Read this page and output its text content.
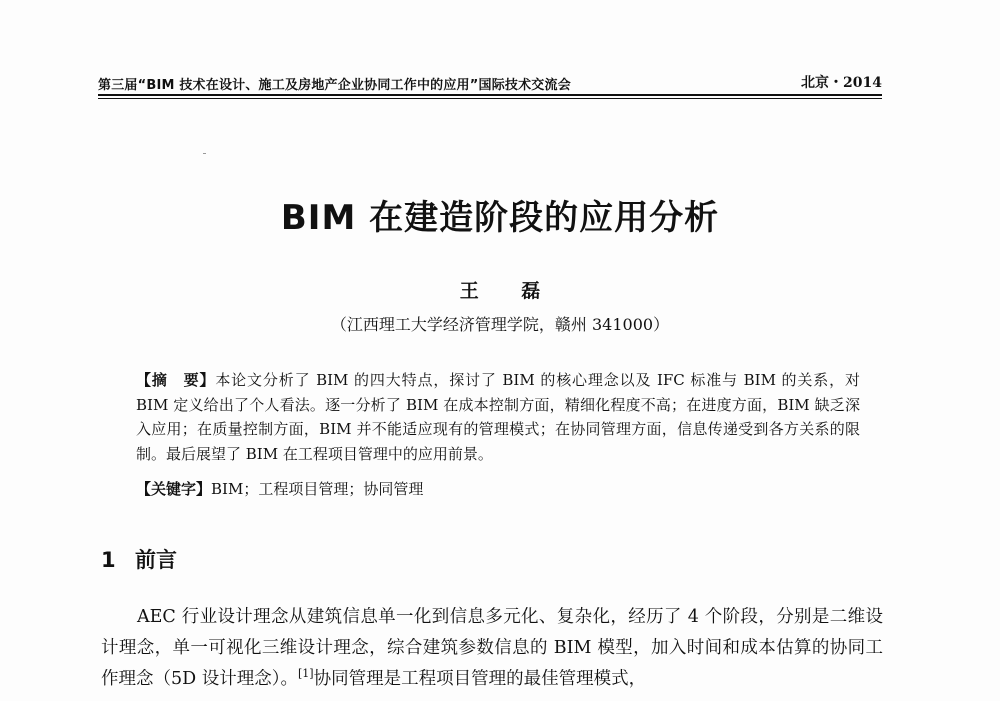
第三届“BIM 技术在设计、施工及房地产企业协同工作中的应用”国际技术交流会	北京・2014
BIM 在建造阶段的应用分析
王 磊
（江西理工大学经济管理学院，赣州 341000）
【摘　要】本论文分析了 BIM 的四大特点，探讨了 BIM 的核心理念以及 IFC 标准与 BIM 的关系，对 BIM 定义给出了个人看法。逐一分析了 BIM 在成本控制方面，精细化程度不高；在进度方面，BIM 缺乏深入应用；在质量控制方面，BIM 并不能适应现有的管理模式；在协同管理方面，信息传递受到各方关系的限制。最后展望了 BIM 在工程项目管理中的应用前景。
【关键字】BIM；工程项目管理；协同管理
1 前言
AEC 行业设计理念从建筑信息单一化到信息多元化、复杂化，经历了 4 个阶段，分别是二维设计理念，单一可视化三维设计理念，综合建筑参数信息的 BIM 模型，加入时间和成本估算的协同工作理念（5D 设计理念）。[1]协同管理是工程项目管理的最佳管理模式，
